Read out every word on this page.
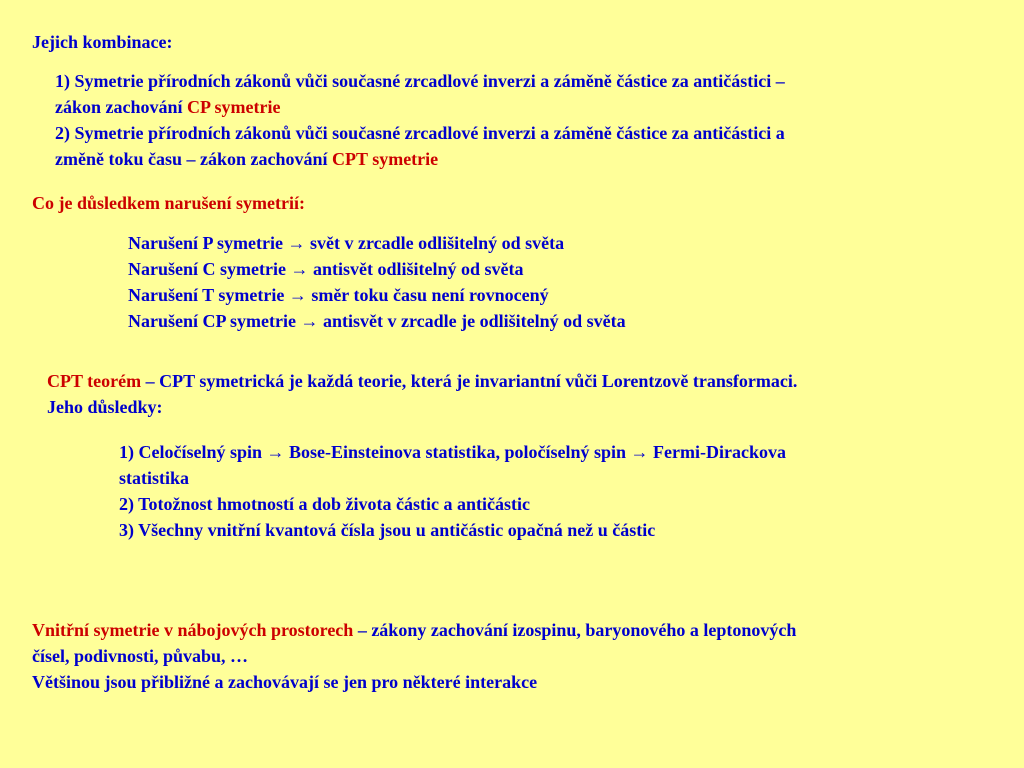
Jejich kombinace:
1) Symetrie přírodních zákonů vůči současné zrcadlové inverzi a záměně částice za antičástici –
zákon zachování CP symetrie
2) Symetrie přírodních zákonů vůči současné zrcadlové inverzi a záměně částice za antičástici a
změně toku času – zákon zachování CPT symetrie
Co je důsledkem narušení symetrií:
Narušení P symetrie → svět v zrcadle odlišitelný od světa
Narušení C symetrie → antisvět odlišitelný od světa
Narušení T symetrie → směr toku času není rovnocený
Narušení CP symetrie → antisvět v zrcadle je odlišitelný od světa
CPT teorém – CPT symetrická je každá teorie, která je invariantní vůči Lorentzově transformaci.
Jeho důsledky:
1) Celočíselný spin → Bose-Einsteinova statistika, poločíselný spin → Fermi-Dirackova
statistika
2) Totožnost hmotností a dob života částic a antičástic
3) Všechny vnitřní kvantová čísla jsou u antičástic opačná než u částic
Vnitřní symetrie v nábojových prostorech – zákony zachování izospinu, baryonového a leptonových
čísel, podivnosti, půvabu, …
Většinou jsou přibližné a zachovávají se jen pro některé interakce
